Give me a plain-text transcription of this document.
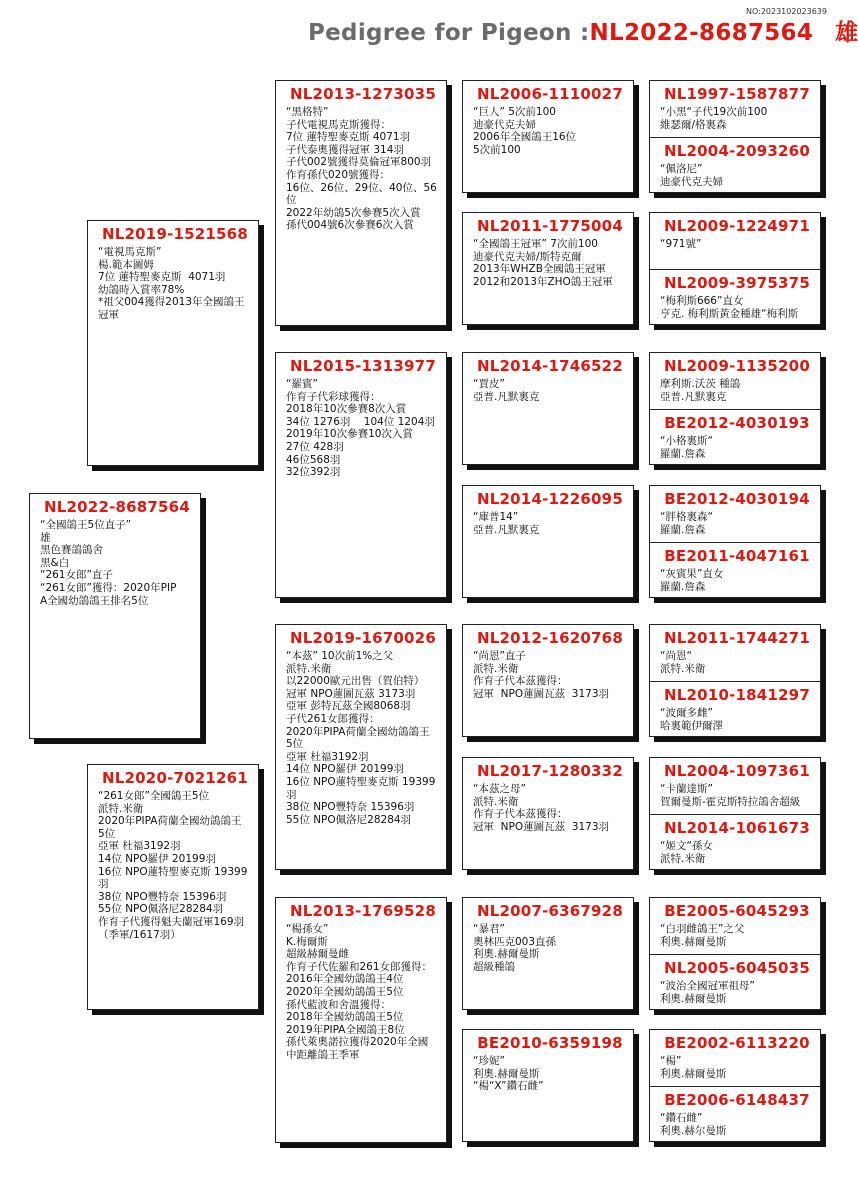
NO:2023102023639
Pedigree for Pigeon :NL2022-8687564 雄
NL2022-8687564
“全國鴿王5位直子”
雄
黑色賽鴿鴿舍
黑&白
“261女郎”直子
“261女郎”獲得：2020年PIP
A全國幼鴿鴿王排名5位
NL2019-1521568
“電視馬克斯”
楊.範本圖姆
7位 蓮特聖麥克斯  4071羽
幼鴿時入賞率78%
*祖父004獲得2013年全國鴿王
冠軍
NL2020-7021261
“261女郎”全國鴿王5位
派特.米衛
2020年PIPA荷蘭全國幼鴿鴿王
5位
亞軍 杜福3192羽
14位 NPO羅伊 20199羽
16位 NPO蓮特聖麥克斯 19399
羽
38位 NPO豐特奈 15396羽
55位 NPO佩洛尼28284羽
作育子代獲得魁夫蘭冠軍169羽
（季軍/1617羽）
NL2013-1273035
“黑格特”
子代電視馬克斯獲得：
7位 蓮特聖麥克斯 4071羽
子代泰奧獲得冠軍 314羽
子代002號獲得莫倫冠軍800羽
作育孫代020號獲得：
16位、26位、29位、40位、56
位
2022年幼鴿5次參賽5次入賞
孫代004號6次參賽6次入賞
NL2015-1313977
“羅賓”
作育子代彩球獲得：
2018年10次參賽8次入賞
34位 1276羽    104位 1204羽
2019年10次參賽10次入賞
27位 428羽
46位568羽
32位392羽
NL2019-1670026
“本茲” 10次前1%之父
派特.米衛
以22000歐元出售（賀伯特）
冠軍 NPO蓮圖瓦茲 3173羽
亞軍 彭特瓦茲全國8068羽
子代261女郎獲得：
2020年PIPA荷蘭全國幼鴿鴿王
5位
亞軍 杜福3192羽
14位 NPO羅伊 20199羽
16位 NPO蓮特聖麥克斯 19399
羽
38位 NPO豐特奈 15396羽
55位 NPO佩洛尼28284羽
NL2013-1769528
“楊孫女”
K.梅爾斯
超級赫爾曼雌
作育子代佐羅和261女郎獲得：
2016年全國幼鴿鴿王4位
2020年全國幼鴿鴿王5位
孫代藍波和舍溫獲得：
2018年全國幼鴿鴿王5位
2019年PIPA全國鴿王8位
孫代萊奧諾拉獲得2020年全國
中距離鴿王季軍
NL2006-1110027
“巨人” 5次前100
迪豪代克夫婦
2006年全國鴿王16位
5次前100
NL2011-1775004
“全國鴿王冠軍” 7次前100
迪豪代克夫婦/斯特克爾
2013年WHZB全國鴿王冠軍
2012和2013年ZHO鴿王冠軍
NL2014-1746522
“賈皮”
亞普.凡默裏克
NL2014-1226095
“庫普14”
亞普.凡默裏克
NL2012-1620768
“尚恩”直子
派特.米衛
作育子代本茲獲得：
冠軍  NPO蓮圖瓦茲  3173羽
NL2017-1280332
“本茲之母”
派特.米衛
作育子代本茲獲得：
冠軍  NPO蓮圖瓦茲  3173羽
NL2007-6367928
“暴君”
奧林匹克003直孫
利奧.赫爾曼斯
超級種鴿
BE2010-6359198
“珍妮”
利奧.赫爾曼斯
“楊“X”鑽石雌”
NL1997-1587877
“小黑“子代19次前100
維瑟爾/格裏森
NL2004-2093260
“佩洛尼”
迪豪代克夫婦
NL2009-1224971
“971號”
NL2009-3975375
“梅利斯666”直女
亨克. 梅利斯黃金種雄“梅利斯
NL2009-1135200
摩利斯.沃茨 種鴿
亞普.凡默裏克
BE2012-4030193
“小格裏斯“
羅蘭.詹森
BE2012-4030194
“胖格裏森“
羅蘭.詹森
BE2011-4047161
“灰賓果”直女
羅蘭.詹森
NL2011-1744271
“尚恩“
派特.米衛
NL2010-1841297
“波爾多雌”
哈裏範伊爾澤
NL2004-1097361
“卡蘭達斯”
賀爾曼斯-霍克斯特拉鴿舍超級
NL2014-1061673
“姬文“孫女
派特.米衛
BE2005-6045293
“白羽雌鴿王”之父
利奧.赫爾曼斯
NL2005-6045035
“波治全國冠軍祖母”
利奧.赫爾曼斯
BE2002-6113220
“楊”
利奧.赫爾曼斯
BE2006-6148437
“鑽石雌”
利奧.赫尔曼斯
